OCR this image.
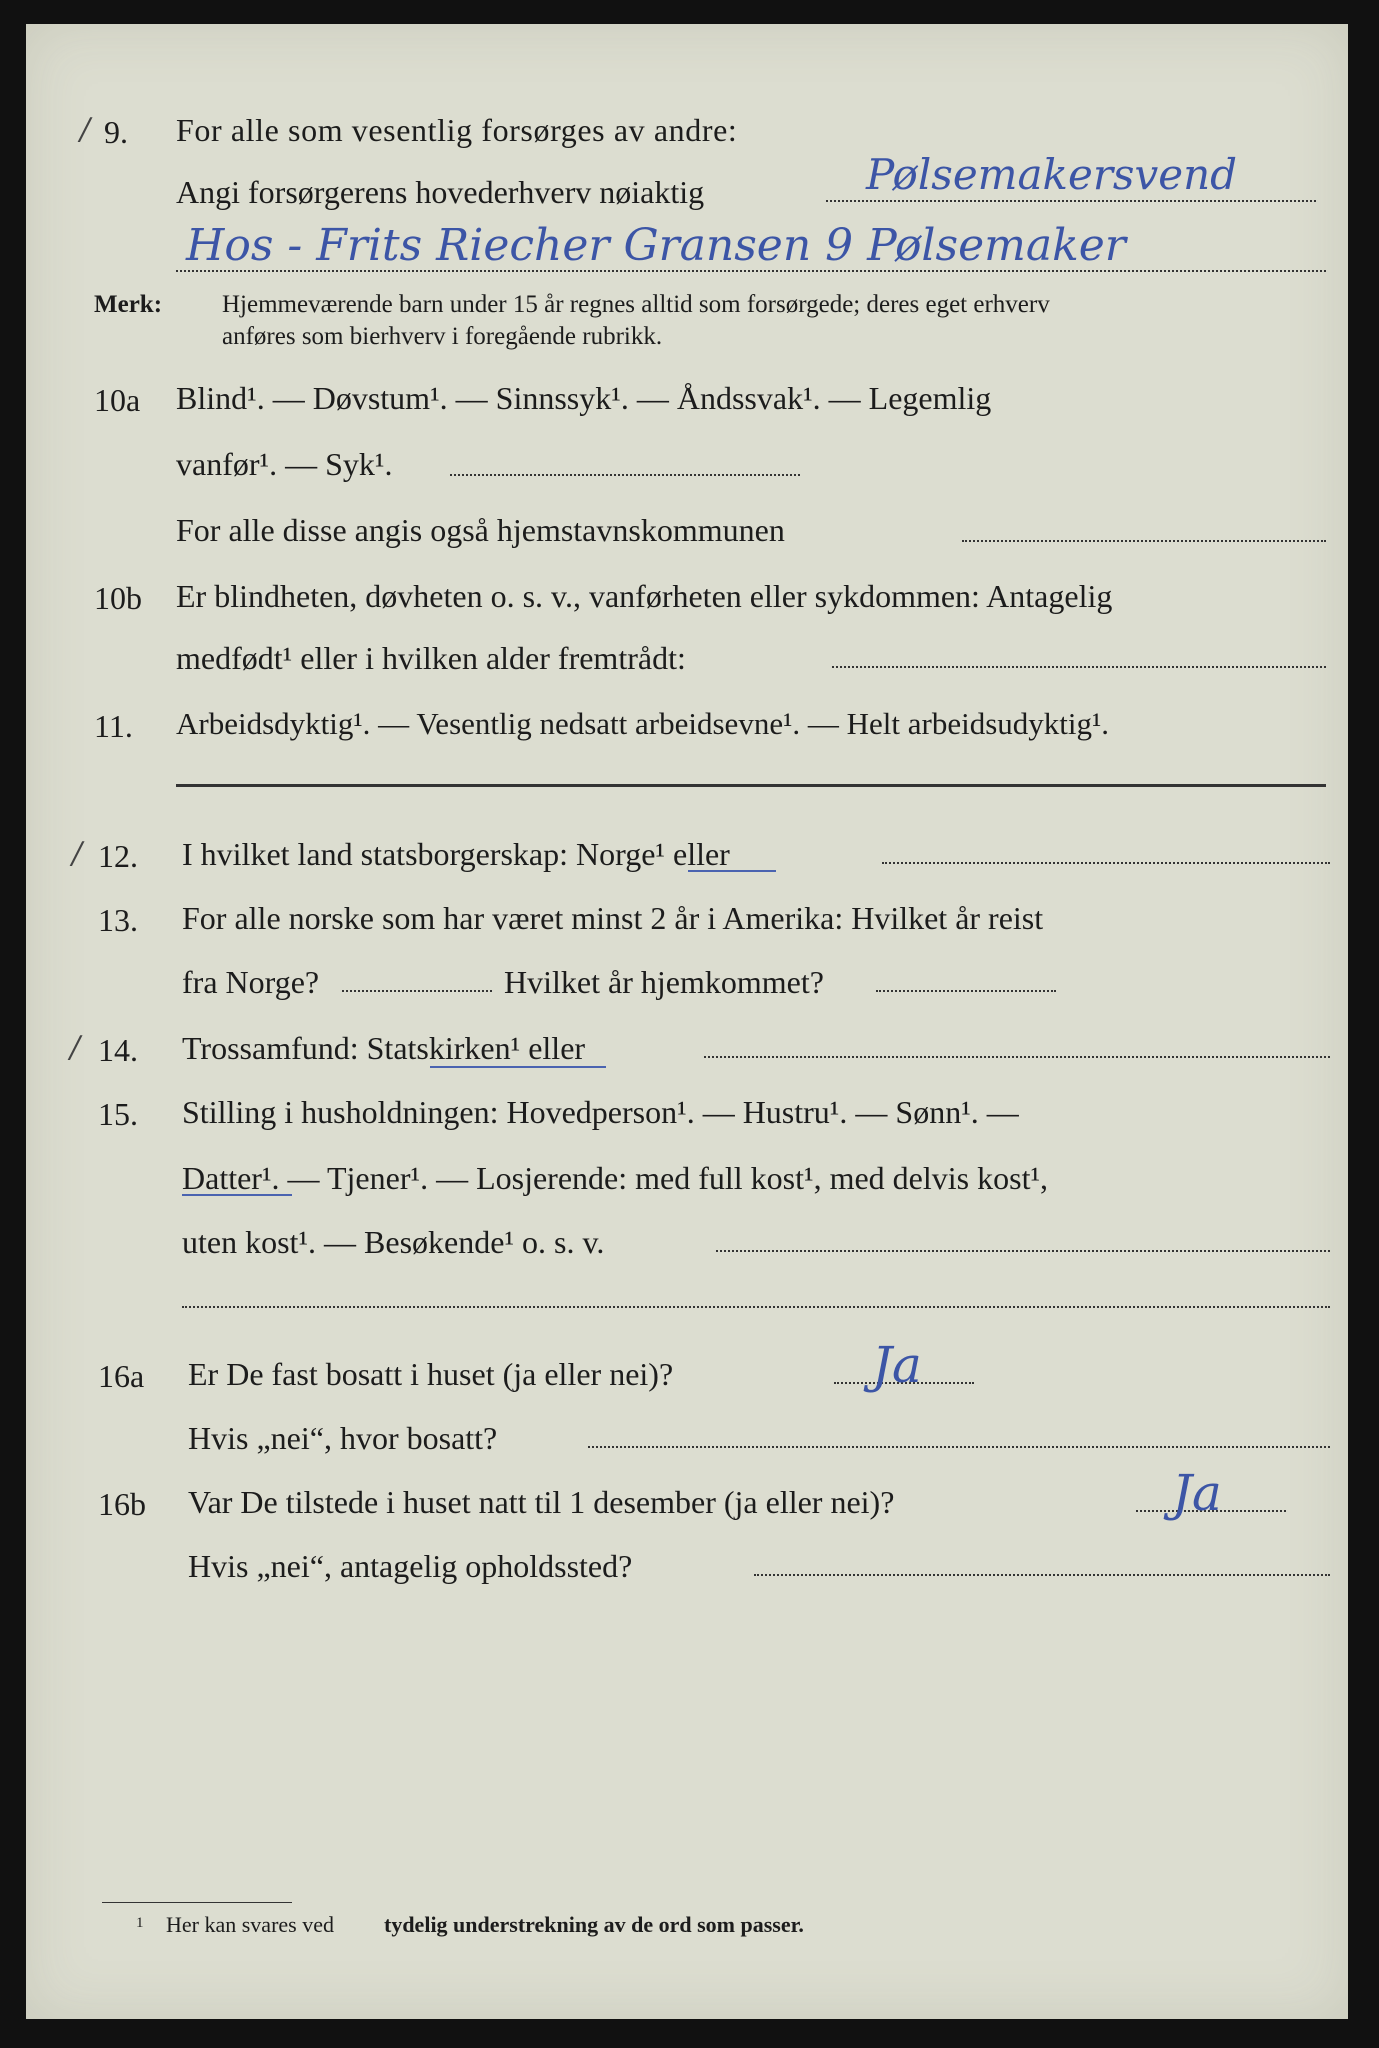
/ 9. For alle som vesentlig forsørges av andre:
Angi forsørgerens hovederhverv nøiaktig	Pølsemakersvend
Hos - Frits Riecher Gransen 9 Pølsemaker
Merk: Hjemmeværende barn under 15 år regnes alltid som forsørgede; deres eget erhverv
anføres som bierhverv i foregående rubrikk.
10a Blind¹. — Døvstum¹. — Sinnssyk¹. — Åndssvak¹. — Legemlig
vanfør¹. — Syk¹.
For alle disse angis også hjemstavnskommunen
10b Er blindheten, døvheten o. s. v., vanførheten eller sykdommen: Antagelig
medfødt¹ eller i hvilken alder fremtrådt:
11. Arbeidsdyktig¹. — Vesentlig nedsatt arbeidsevne¹. — Helt arbeidsudyktig¹.
/ 12. I hvilket land statsborgerskap: Norge¹ eller
13. For alle norske som har været minst 2 år i Amerika: Hvilket år reist
fra Norge?	Hvilket år hjemkommet?
/ 14. Trossamfund: Statskirken¹ eller
15. Stilling i husholdningen: Hovedperson¹. — Hustru¹. — Sønn¹. —
Datter¹. — Tjener¹. — Losjerende: med full kost¹, med delvis kost¹,
uten kost¹. — Besøkende¹ o. s. v.
16a Er De fast bosatt i huset (ja eller nei)?	Ja
Hvis „nei“, hvor bosatt?
16b Var De tilstede i huset natt til 1 desember (ja eller nei)?	Ja
Hvis „nei“, antagelig opholdssted?
1 Her kan svares ved tydelig understrekning av de ord som passer.
